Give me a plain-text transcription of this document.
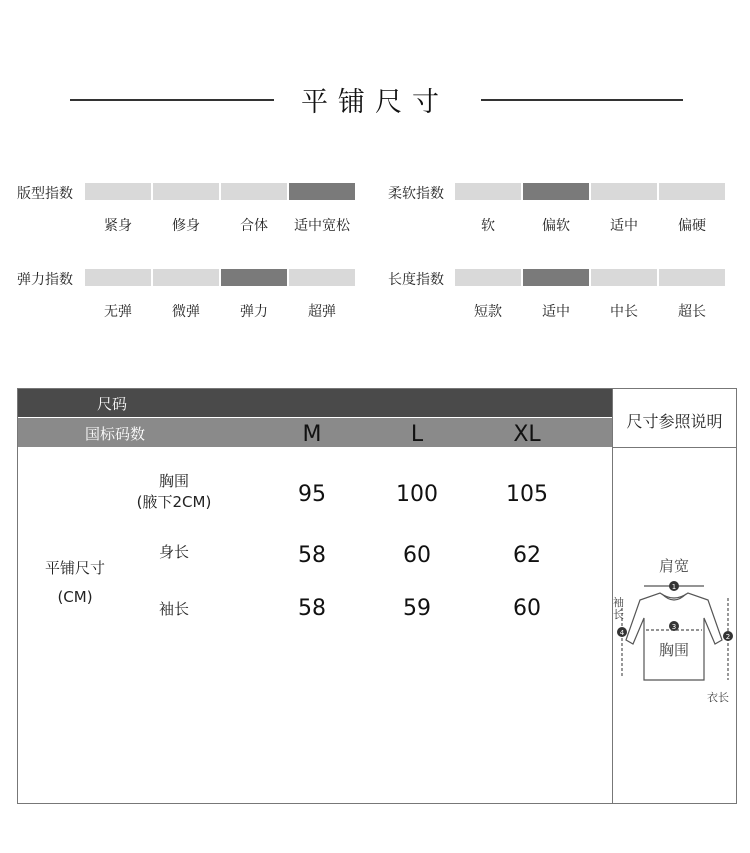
平铺尺寸
版型指数
紧身	修身	合体	适中宽松
柔软指数
软	偏软	适中	偏硬
弹力指数
无弹	微弹	弹力	超弹
长度指数
短款	适中	中长	超长
尺码
国标码数	M	L	XL
尺寸参照说明
平铺尺寸
(CM)
胸围
(腋下2CM)	95	100	105
身长	58	60	62
袖长	58	59	60
1
3
2
4
肩宽
胸围
衣长
袖长
